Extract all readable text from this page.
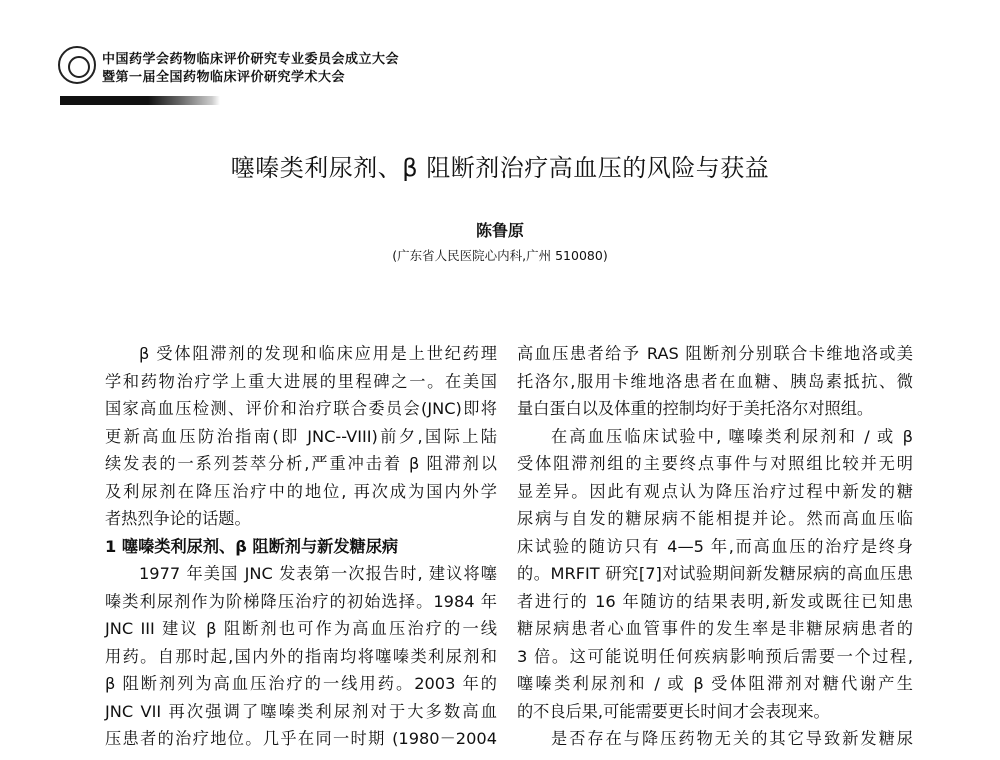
中国药学会药物临床评价研究专业委员会成立大会
暨第一届全国药物临床评价研究学术大会
噻嗪类利尿剂、β 阻断剂治疗高血压的风险与获益
陈鲁原
(广东省人民医院心内科,广州 510080)
β 受体阻滞剂的发现和临床应用是上世纪药理
学和药物治疗学上重大进展的里程碑之一。在美国
国家高血压检测、评价和治疗联合委员会(JNC)即将
更新高血压防治指南(即 JNC--VIII)前夕,国际上陆
续发表的一系列荟萃分析,严重冲击着 β 阻滞剂以
及利尿剂在降压治疗中的地位, 再次成为国内外学
者热烈争论的话题。
1 噻嗪类利尿剂、β 阻断剂与新发糖尿病
1977 年美国 JNC 发表第一次报告时, 建议将噻
嗪类利尿剂作为阶梯降压治疗的初始选择。1984 年
JNC III 建议 β 阻断剂也可作为高血压治疗的一线
用药。自那时起,国内外的指南均将噻嗪类利尿剂和
β 阻断剂列为高血压治疗的一线用药。2003 年的
JNC VII 再次强调了噻嗪类利尿剂对于大多数高血
压患者的治疗地位。几乎在同一时期 (1980－2004
高血压患者给予 RAS 阻断剂分别联合卡维地洛或美
托洛尔,服用卡维地洛患者在血糖、胰岛素抵抗、微
量白蛋白以及体重的控制均好于美托洛尔对照组。
在高血压临床试验中, 噻嗪类利尿剂和 / 或 β
受体阻滞剂组的主要终点事件与对照组比较并无明
显差异。因此有观点认为降压治疗过程中新发的糖
尿病与自发的糖尿病不能相提并论。然而高血压临
床试验的随访只有 4—5 年,而高血压的治疗是终身
的。MRFIT 研究[7]对试验期间新发糖尿病的高血压患
者进行的 16 年随访的结果表明,新发或既往已知患
糖尿病患者心血管事件的发生率是非糖尿病患者的
3 倍。这可能说明任何疾病影响预后需要一个过程,
噻嗪类利尿剂和 / 或 β 受体阻滞剂对糖代谢产生
的不良后果,可能需要更长时间才会表现来。
是否存在与降压药物无关的其它导致新发糖尿
